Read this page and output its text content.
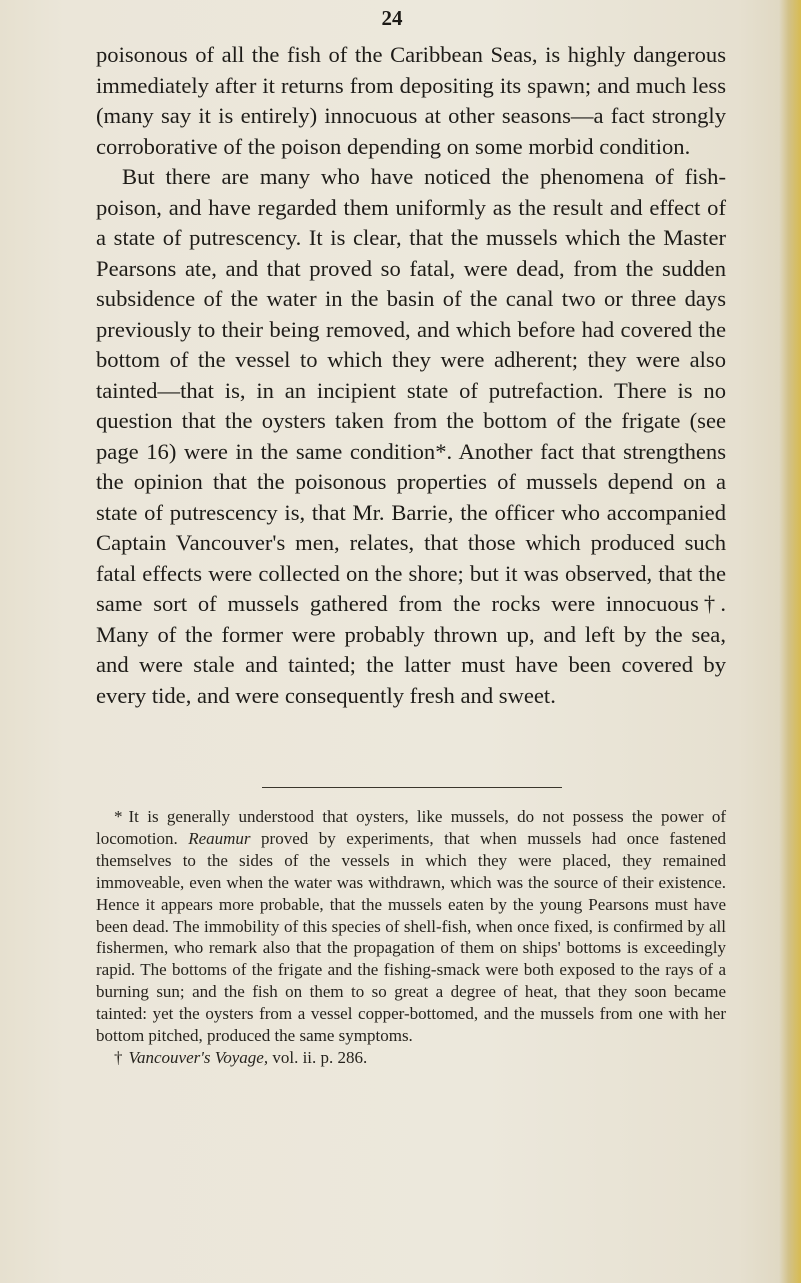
24

poisonous of all the fish of the Caribbean Seas, is highly dangerous immediately after it returns from depositing its spawn; and much less (many say it is entirely) innocuous at other seasons—a fact strongly corroborative of the poison depending on some morbid condition.

But there are many who have noticed the phenomena of fish-poison, and have regarded them uniformly as the result and effect of a state of putrescency. It is clear, that the mussels which the Master Pearsons ate, and that proved so fatal, were dead, from the sudden subsidence of the water in the basin of the canal two or three days previously to their being removed, and which before had covered the bottom of the vessel to which they were adherent; they were also tainted—that is, in an incipient state of putrefaction. There is no question that the oysters taken from the bottom of the frigate (see page 16) were in the same condition*. Another fact that strengthens the opinion that the poisonous properties of mussels depend on a state of putrescency is, that Mr. Barrie, the officer who accompanied Captain Vancouver's men, relates, that those which produced such fatal effects were collected on the shore; but it was observed, that the same sort of mussels gathered from the rocks were innocuous†. Many of the former were probably thrown up, and left by the sea, and were stale and tainted; the latter must have been covered by every tide, and were consequently fresh and sweet.

* It is generally understood that oysters, like mussels, do not possess the power of locomotion. Reaumur proved by experiments, that when mussels had once fastened themselves to the sides of the vessels in which they were placed, they remained immoveable, even when the water was withdrawn, which was the source of their existence. Hence it appears more probable, that the mussels eaten by the young Pearsons must have been dead. The immobility of this species of shell-fish, when once fixed, is confirmed by all fishermen, who remark also that the propagation of them on ships' bottoms is exceedingly rapid. The bottoms of the frigate and the fishing-smack were both exposed to the rays of a burning sun; and the fish on them to so great a degree of heat, that they soon became tainted: yet the oysters from a vessel copper-bottomed, and the mussels from one with her bottom pitched, produced the same symptoms.

† Vancouver's Voyage, vol. ii. p. 286.
